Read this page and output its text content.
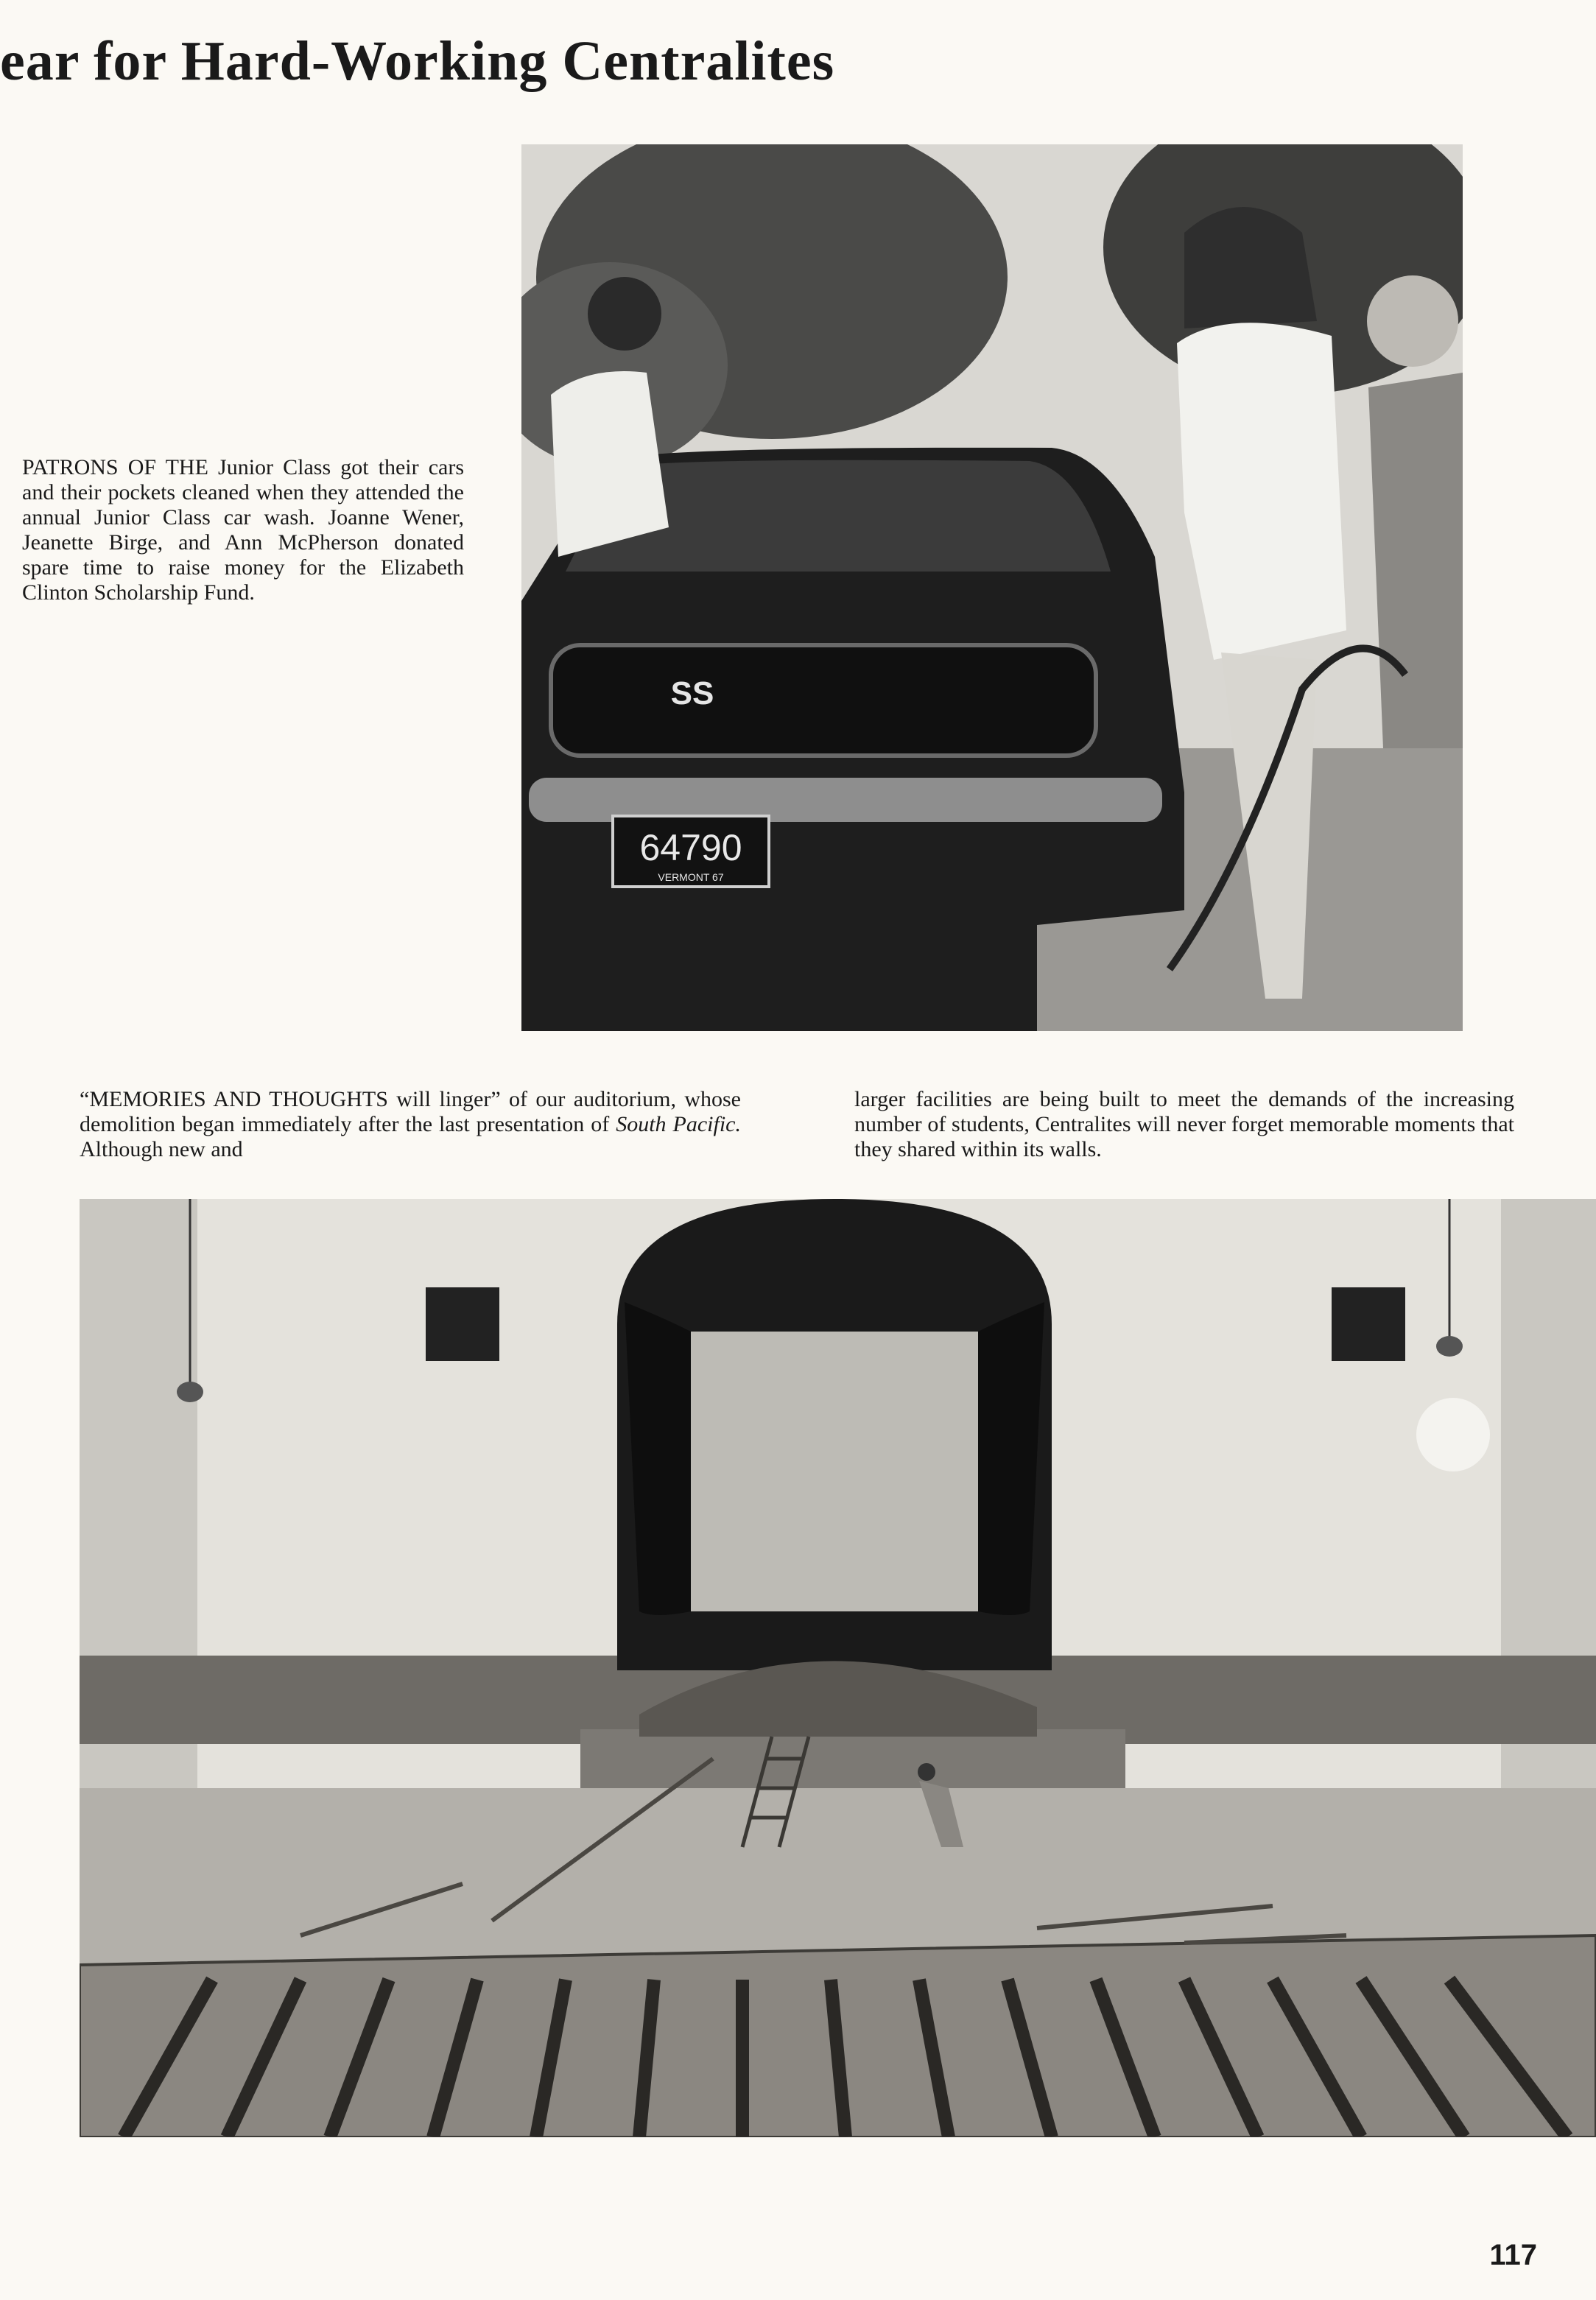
ear for Hard-Working Centralites

PATRONS OF THE Junior Class got their cars and their pockets cleaned when they attended the annual Junior Class car wash. Joanne Wener, Jeanette Birge, and Ann McPherson donated spare time to raise money for the Elizabeth Clinton Scholarship Fund.

64790
VERMONT 67
SS

“MEMORIES AND THOUGHTS will linger” of our auditorium, whose demolition began immediately after the last presentation of South Pacific. Although new and

larger facilities are being built to meet the demands of the increasing number of students, Centralites will never forget memorable moments that they shared within its walls.

117
